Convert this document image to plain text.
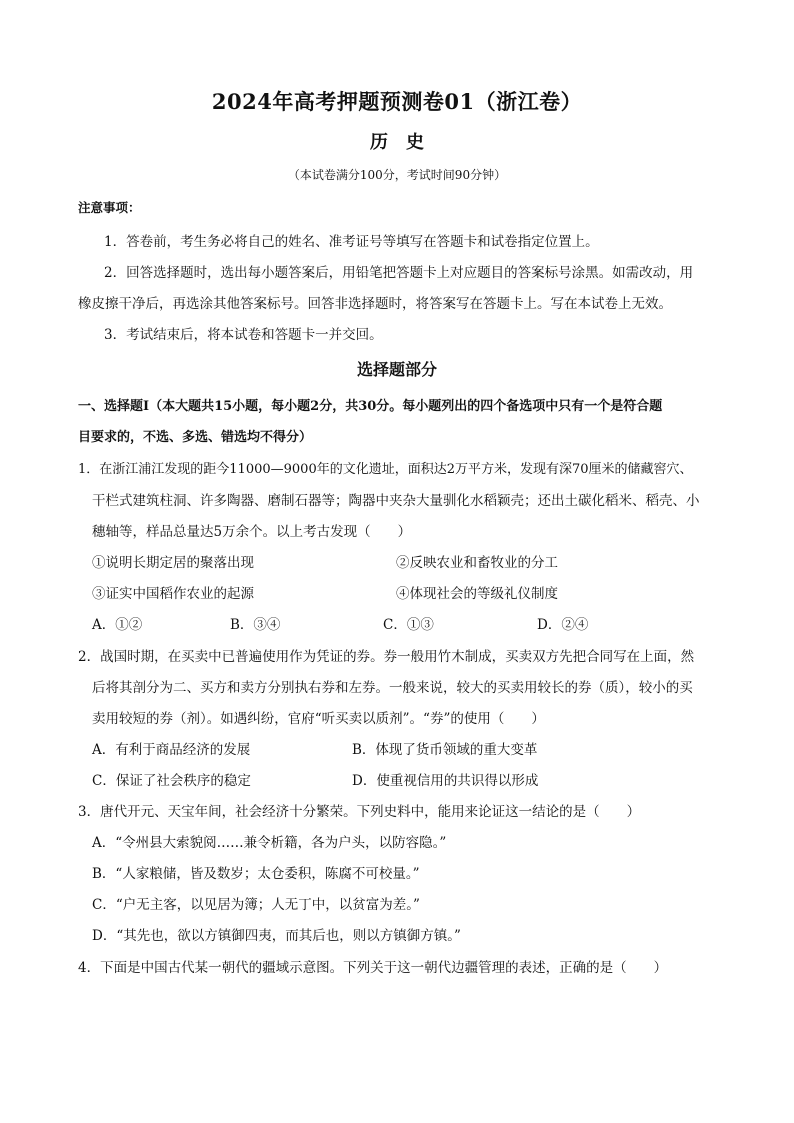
2024年高考押题预测卷01（浙江卷）
历史
（本试卷满分100分，考试时间90分钟）
注意事项：
1．答卷前，考生务必将自己的姓名、准考证号等填写在答题卡和试卷指定位置上。
2．回答选择题时，选出每小题答案后，用铅笔把答题卡上对应题目的答案标号涂黑。如需改动，用
橡皮擦干净后，再选涂其他答案标号。回答非选择题时，将答案写在答题卡上。写在本试卷上无效。
3．考试结束后，将本试卷和答题卡一并交回。
选择题部分
一、选择题Ⅰ（本大题共15小题，每小题2分，共30分。每小题列出的四个备选项中只有一个是符合题
目要求的，不选、多选、错选均不得分）
1．在浙江浦江发现的距今11000—9000年的文化遗址，面积达2万平方米，发现有深70厘米的储藏窖穴、
干栏式建筑柱洞、许多陶器、磨制石器等；陶器中夹杂大量驯化水稻颖壳；还出土碳化稻米、稻壳、小
穗轴等，样品总量达5万余个。以上考古发现（　　）
①说明长期定居的聚落出现	②反映农业和畜牧业的分工
③证实中国稻作农业的起源	④体现社会的等级礼仪制度
A．①②	B．③④	C．①③	D．②④
2．战国时期，在买卖中已普遍使用作为凭证的券。券一般用竹木制成，买卖双方先把合同写在上面，然
后将其剖分为二、买方和卖方分别执右券和左券。一般来说，较大的买卖用较长的券（质），较小的买
卖用较短的券（剂）。如遇纠纷，官府“听买卖以质剂”。“券”的使用（　　）
A．有利于商品经济的发展	B．体现了货币领域的重大变革
C．保证了社会秩序的稳定	D．使重视信用的共识得以形成
3．唐代开元、天宝年间，社会经济十分繁荣。下列史料中，能用来论证这一结论的是（　　）
A．“令州县大索貌阅……兼令析籍，各为户头，以防容隐。”
B．“人家粮储，皆及数岁；太仓委积，陈腐不可校量。”
C．“户无主客，以见居为簿；人无丁中，以贫富为差。”
D．“其先也，欲以方镇御四夷，而其后也，则以方镇御方镇。”
4．下面是中国古代某一朝代的疆域示意图。下列关于这一朝代边疆管理的表述，正确的是（　　）
